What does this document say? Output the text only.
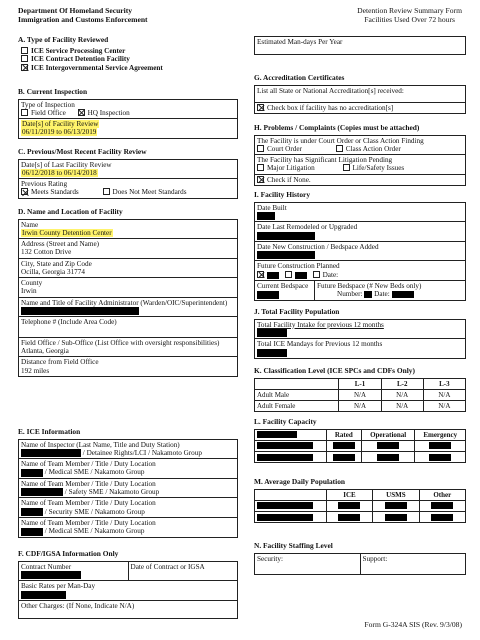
Department Of Homeland Security
Immigration and Customs Enforcement
Detention Review Summary Form
Facilities Used Over 72 hours
A. Type of Facility Reviewed
ICE Service Processing Center
ICE Contract Detention Facility
ICE Intergovernmental Service Agreement
B. Current Inspection
Type of Inspection
Field Office	HQ Inspection
Date[s] of Facility Review
06/11/2019 to 06/13/2019
C. Previous/Most Recent Facility Review
Date[s] of Last Facility Review
06/12/2018 to 06/14/2018
Previous Rating
Meets Standards	Does Not Meet Standards
D. Name and Location of Facility
Name
Irwin County Detention Center
Address (Street and Name)
132 Cotton Drive
City, State and Zip Code
Ocilla, Georgia 31774
County
Irwin
Name and Title of Facility Administrator (Warden/OIC/Superintendent)
Telephone # (Include Area Code)
Field Office / Sub-Office (List Office with oversight responsibilities)
Atlanta, Georgia
Distance from Field Office
192 miles
E. ICE Information
Name of Inspector (Last Name, Title and Duty Station)
/ Detainee Rights/LCI / Nakamoto Group
Name of Team Member / Title / Duty Location
/ Medical SME / Nakamoto Group
Name of Team Member / Title / Duty Location
/ Safety SME / Nakamoto Group
Name of Team Member / Title / Duty Location
/ Security SME / Nakamoto Group
Name of Team Member / Title / Duty Location
/ Medical SME / Nakamoto Group
F. CDF/IGSA Information Only
Contract Number	Date of Contract or IGSA
Basic Rates per Man-Day
Other Charges: (If None, Indicate N/A)
Estimated Man-days Per Year
G. Accreditation Certificates
List all State or National Accreditation[s] received:
Check box if facility has no accreditation[s]
H. Problems / Complaints (Copies must be attached)
The Facility is under Court Order or Class Action Finding
Court Order	Class Action Order
The Facility has Significant Litigation Pending
Major Litigation	Life/Safety Issues
Check if None.
I. Facility History
Date Built
Date Last Remodeled or Upgraded
Date New Construction / Bedspace Added
Future Construction Planned
Date:
Current Bedspace	Future Bedspace (# New Beds only)
Number: Date:
J. Total Facility Population
Total Facility Intake for previous 12 months
Total ICE Mandays for Previous 12 months
K. Classification Level (ICE SPCs and CDFs Only)
	L-1	L-2	L-3
Adult Male	N/A	N/A	N/A
Adult Female	N/A	N/A	N/A
L. Facility Capacity
	Rated	Operational	Emergency

M. Average Daily Population
	ICE	USMS	Other

N. Facility Staffing Level
Security:	Support:
Form G-324A SIS (Rev. 9/3/08)
